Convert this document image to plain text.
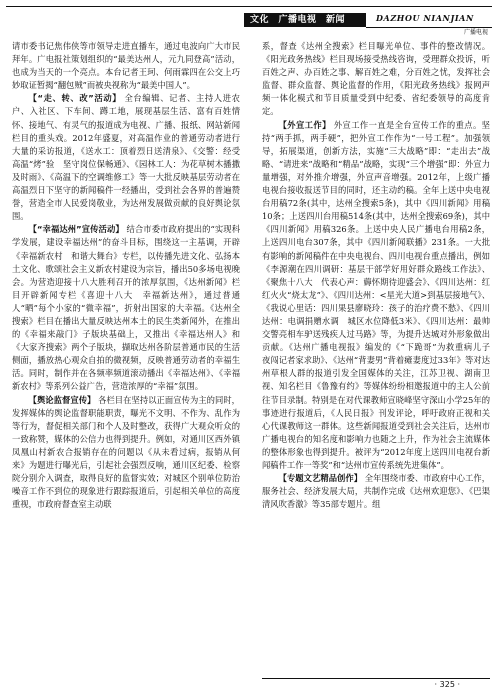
文化　广播电视　新闻	DAZHOU NIANJIAN
广播电视

请市委书记焦伟侠等市领导走进直播车，通过电波向广大市民拜年。广电报社策划组织的“最美达州人，元九同登高”活动，也成为当天的一个亮点。本台记者王珂、何雨霖四在公交上巧妙取证暂揭“翻包贼”而被央视称为“最美中国人”。

【“走、转、改”活动】 全台编辑、记者、主持人进农户、入社区、下车间、蹲工地，展现基层生活、富有百姓情怀、接地气、有灵气的报道成为电视、广播、报纸、网站新闻栏目的重头戏。2012年盛夏，对高温作业的普通劳动者进行大量的采访报道，《送水工：顶着烈日送清泉》、《交警：经受高温“烤”验　坚守岗位保畅通》、《园林工人：为花草树木播撒及时雨》、《高温下的空调维修工》等一大批反映基层劳动者在高温烈日下坚守的新闻稿件一经播出，受到社会各界的普遍赞誉，营造全市人民爱岗敬业，为达州发展做贡献的良好舆论氛围。

【“幸福达州”宣传活动】 结合市委市政府提出的“实现科学发展，建设幸福达州”的奋斗目标，围绕这一主基调，开辟《幸福新农村　和谐大舞台》专栏，以传播先进文化、弘扬本土文化、歌颂社会主义新农村建设为宗旨，播出50多场电视晚会。为营造迎接十八大胜利召开的浓厚氛围，《达州新闻》栏目开辟新闻专栏《喜迎十八大　幸福新达州》，通过普通人“晒”每个小家的“微幸福”，折射出国家的大幸福。《达州全搜索》栏目在播出大量反映达州本土的民生类新闻外，在推出的《幸福来敲门》子版块基础上，又推出《幸福达州人》和《大家齐搜索》两个子版块，撷取达州各阶层普通市民的生活侧面，播放热心观众自拍的微视频，反映普通劳动者的幸福生活。同时，制作并在各频率频道滚动播出《幸福达州》、《幸福新农村》等系列公益广告，营造浓厚的“幸福”氛围。

【舆论监督宣传】 各栏目在坚持以正面宣传为主的同时，发挥媒体的舆论监督职能职责，曝光不文明、不作为、乱作为等行为，督促相关部门和个人及时整改，获得广大观众听众的一致称赞，媒体的公信力也得到提升。例如，对通川区西外镇凤凰山村新农合报销存在的问题以《从未看过病，报销从何来》为题进行曝光后，引起社会强烈反响，通川区纪委、检察院分别介入调查，取得良好的监督实效；对城区个别单位防治噪音工作不到位的现象进行跟踪报道后，引起相关单位的高度重视，市政府督查室主动联

系，督查《达州全搜索》栏目曝光单位、事件的整改情况。《阳光政务热线》栏目现场接受热线咨询，受理群众投诉，听百姓之声、办百姓之事、解百姓之难，分百姓之忧，发挥社会监督、群众监督、舆论监督的作用，《阳光政务热线》报网声频一体化模式和节目质量受到中纪委、省纪委领导的高度肯定。

【外宣工作】 外宣工作一直是全台宣传工作的重点。坚持“两手抓，两手硬”，把外宣工作作为“一号工程”。加强领导，拓展渠道，创新方法，实施“三大战略”即：“走出去”战略、“请进来”战略和“精品”战略，实现“三个增强”即：外宣力量增强，对外推介增强，外宣声音增强。2012年，上级广播电视台接收报送节目的同时，还主动约稿。全年上送中央电视台用稿72条(其中，达州全搜索5条)，其中《四川新闻》用稿10条；上送四川台用稿514条(其中，达州全搜索69条)，其中《四川新闻》用稿326条。上送中央人民广播电台用稿2条，上送四川电台307条，其中《四川新闻联播》231条。一大批有影响的新闻稿件在中央电视台、四川电视台重点播出，例如《李源潮在四川调研：基层干部学好用好群众路线工作法》、《聚焦十八大　代表心声：薅怀期待迎盛会》、《四川达州：红红火火“烧太龙”》、《四川达州：<星光大道>到基层接地气》、《我说心里话：四川果县廖晓玲：孩子的治疗费不愁》、《四川达州：电调捐赠水调　城区水位降低3米》、《四川达州：最帅交警亮相车驴送残疾人过马路》等，为提升达城对外形象做出贡献。《达州广播电视报》编发的《“下跪哥”为救重病儿子　夜闯记者家求助》、《达州“背妻男”背着瘫妻度过33年》等对达州草根人群的报道引发全国媒体的关注，江苏卫视、湖南卫视、知名栏目《鲁豫有约》等媒体纷纷相邀报道中的主人公前往节目录制。特别是在对代课教师宣晓峰坚守深山小学25年的事迹进行报道后，《人民日报》刊发评论，呼吁政府正视和关心代课教师这一群体。这些新闻报道受到社会关注后，达州市广播电视台的知名度和影响力也随之上升，作为社会主流媒体的整体形象也得到提升。被评为“2012年度上送四川电视台新闻稿件工作一等奖”和“达州市宣传系统先进集体”。

【专题文艺精品创作】 全年围绕市委、市政府中心工作，服务社会、经济发展大局，共制作完成《达州欢迎您》、《巴渠清风吹香激》等35部专题片。组

· 325 ·
